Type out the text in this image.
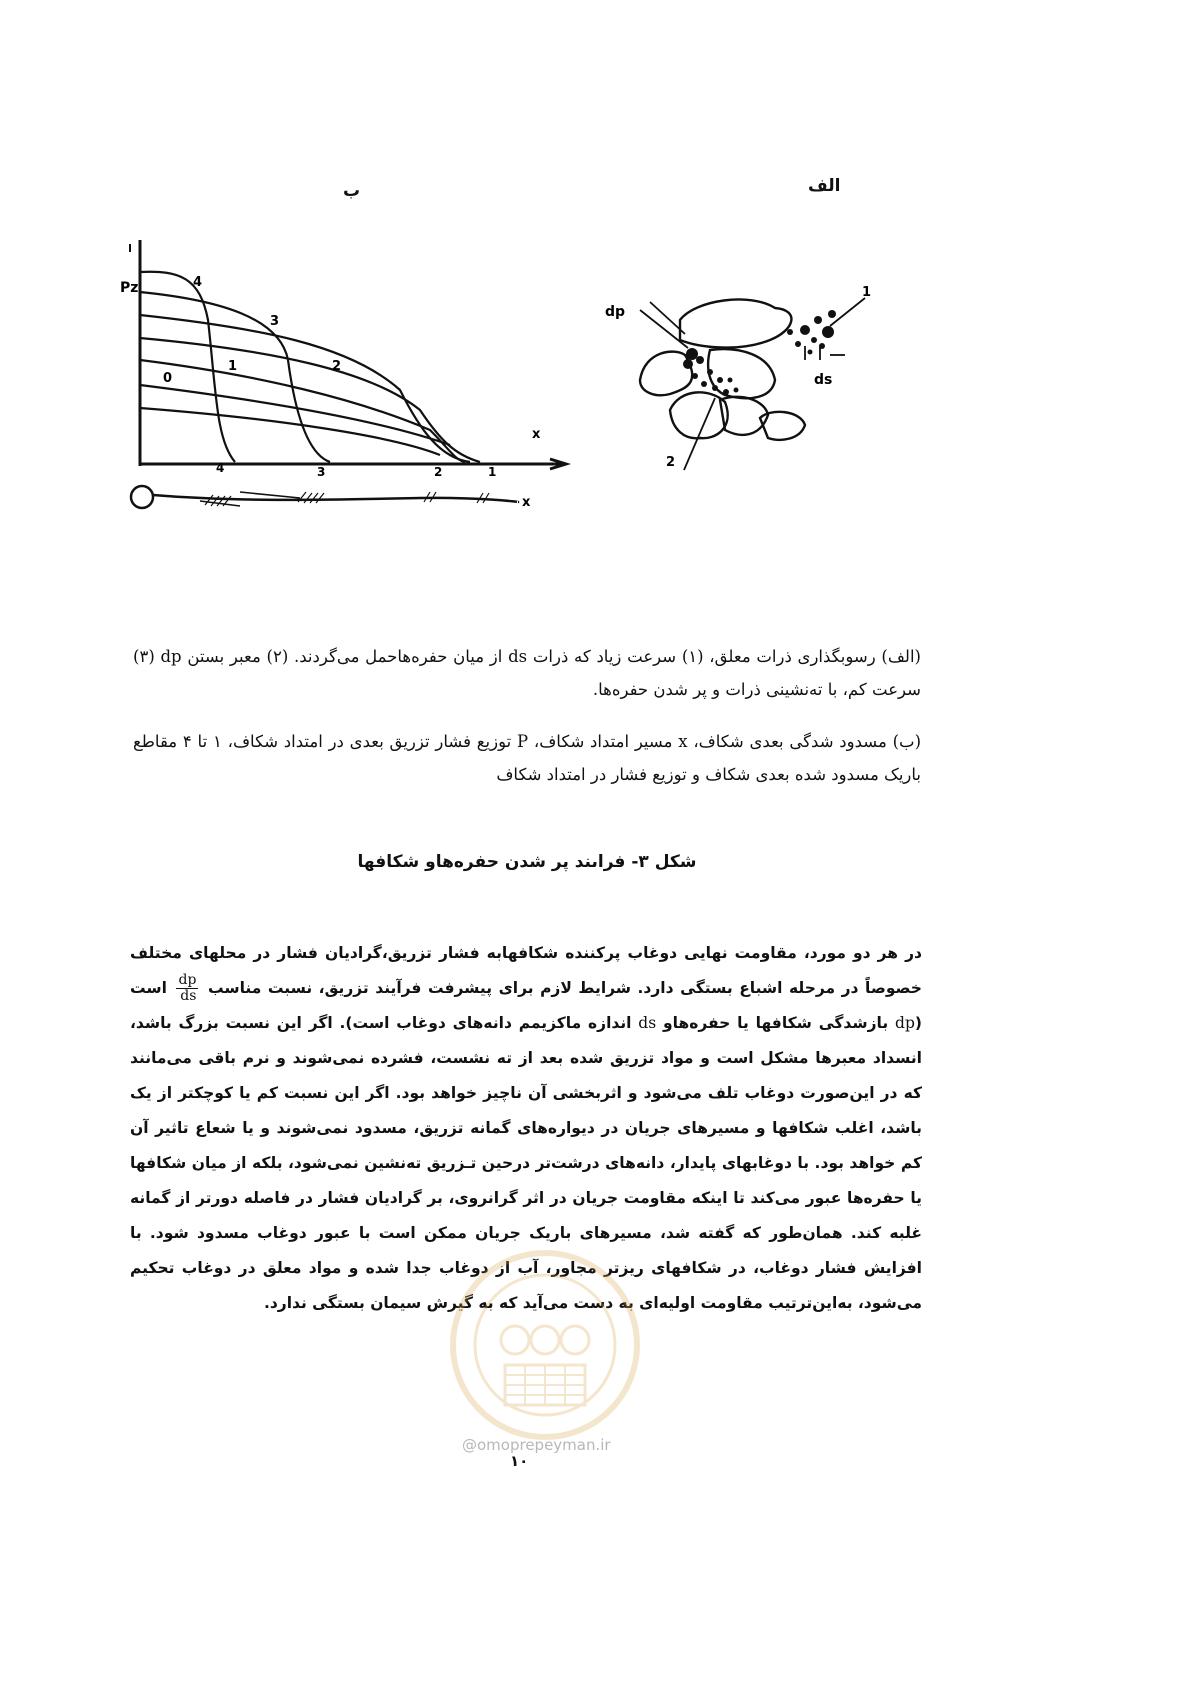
الف
ب
Pz
x
4
3
2
1
0
4	3	2	1
x
dp
ds
1
2
(الف) رسوبگذاری ذرات معلق، (۱) سرعت زیاد که ذرات ds از میان حفره‌هاحمل می‌گردند. (۲) معبر بستن dp (۳) سرعت کم، با ته‌نشینی ذرات و پر شدن حفره‌ها.
(ب) مسدود شدگی بعدی شکاف، x مسیر امتداد شکاف، P توزیع فشار تزریق بعدی در امتداد شکاف، ۱ تا ۴ مقاطع باریک مسدود شده بعدی شکاف و توزیع فشار در امتداد شکاف
شکل ۳- فراىند پر شدن حفره‌هاو شکافها
در هر دو مورد، مقاومت نهایی دوغاب پرکننده شکافهابه فشار تزریق،گرادیان فشار در محلهای مختلف خصوصاً در مرحله اشباع بستگی دارد. شرایط لازم برای پیشرفت فرآیند تزریق، نسبت مناسب
$\frac{dp}{ds}$
است (dp بازشدگی شکافها یا حفره‌هاو ds اندازه ماکزیمم دانه‌های دوغاب است). اگر این نسبت بزرگ باشد، انسداد معبرها مشکل است و مواد تزریق شده بعد از ته نشست، فشرده نمی‌شوند و نرم باقی می‌مانند که در این‌صورت دوغاب تلف می‌شود و اثربخشی آن ناچیز خواهد بود. اگر این نسبت کم یا کوچکتر از یک باشد، اغلب شکافها و مسیرهای جریان در دیواره‌های گمانه تزریق، مسدود نمی‌شوند و یا شعاع تاثیر آن کم خواهد بود. با دوغابهای پایدار، دانه‌های درشت‌تر درحین تـزریق ته‌نشین نمی‌شود، بلکه از میان شکافها یا حفره‌ها عبور می‌کند تا اینکه مقاومت جریان در اثر گرانروی، بر گرادیان فشار در فاصله دورتر از گمانه غلبه کند. همان‌طور که گفته شد، مسیرهای باریک جریان ممکن است با عبور دوغاب مسدود شود. با افزایش فشار دوغاب، در شکافهای ریزتر مجاور، آب از دوغاب جدا شده و مواد معلق در دوغاب تحکیم می‌شود، به‌این‌ترتیب مقاومت اولیه‌ای به دست می‌آید که به گیرش سیمان بستگی ندارد.
@omoprepeyman.ir
۱۰
